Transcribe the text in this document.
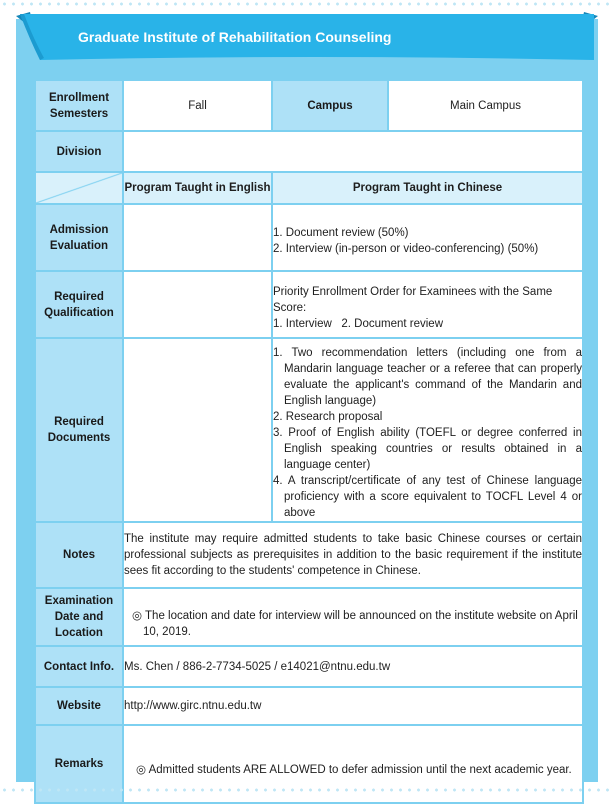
Graduate Institute of Rehabilitation Counseling
Enrollment Semesters	Fall	Campus	Main Campus
Division			
	Program Taught in English	Program Taught in Chinese	
Admission Evaluation		1. Document review (50%)
2. Interview (in-person or video-conferencing) (50%)	

Required Qualification		Priority Enrollment Order for Examinees with the Same Score:
1. Interview   2. Document review	

Required Documents		1. Two recommendation letters (including one from a Mandarin language teacher or a referee that can properly evaluate the applicant's command of the Mandarin and English language)
2. Research proposal
3. Proof of English ability (TOEFL or degree conferred in English speaking countries or results obtained in a language center)
4. A transcript/certificate of any test of Chinese language proficiency with a score equivalent to TOCFL Level 4 or above	

Notes	The institute may require admitted students to take basic Chinese courses or certain professional subjects as prerequisites in addition to the basic requirement if the institute sees fit according to the students' competence in Chinese.		
Examination Date and Location	◎ The location and date for interview will be announced on the institute website on April 10, 2019.		
Contact Info.	Ms. Chen / 886-2-7734-5025 / e14021@ntnu.edu.tw		
Website	http://www.girc.ntnu.edu.tw		
Remarks	◎ Admitted students ARE ALLOWED to defer admission until the next academic year.		
